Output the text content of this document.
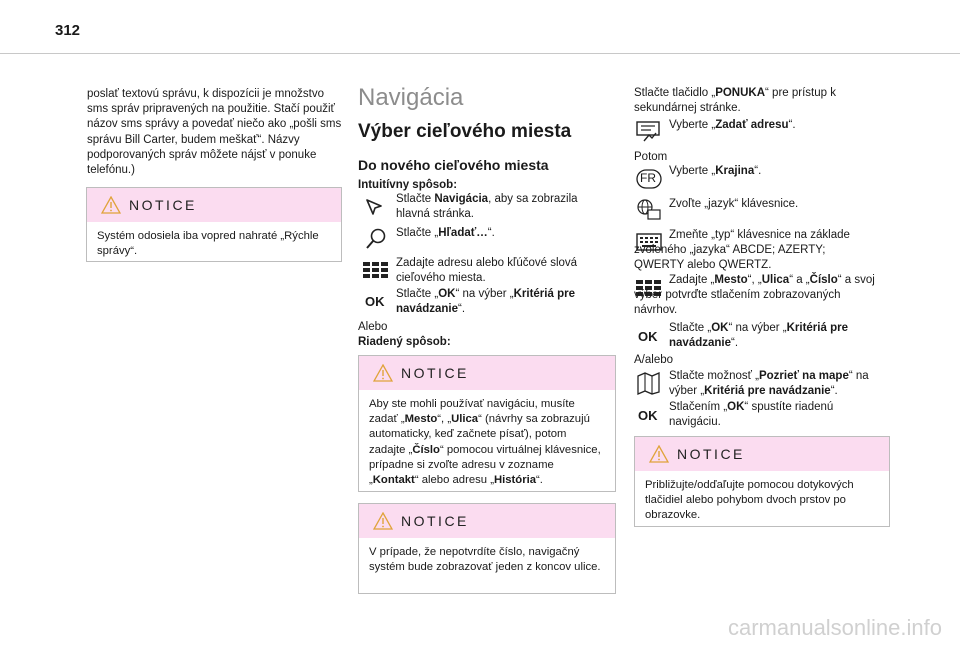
312
poslať textovú správu, k dispozícii je množstvo sms správ pripravených na použitie. Stačí použiť názov sms správy a povedať niečo ako „pošli sms správu Bill Carter, budem meškať“. Názvy podporovaných správ môžete nájsť v ponuke telefónu.)
NOTICE
Systém odosiela iba vopred nahraté „Rýchle správy“.
Navigácia
Výber cieľového miesta
Do nového cieľového miesta
Intuitívny spôsob:
Stlačte Navigácia, aby sa zobrazila hlavná stránka.
Stlačte „Hľadať…“.
Zadajte adresu alebo kľúčové slová cieľového miesta.
OK Stlačte „OK“ na výber „Kritériá pre navádzanie“.
Alebo
Riadený spôsob:
NOTICE
Aby ste mohli používať navigáciu, musíte zadať „Mesto“, „Ulica“ (návrhy sa zobrazujú automaticky, keď začnete písať), potom zadajte „Číslo“ pomocou virtuálnej klávesnice, prípadne si zvoľte adresu v zozname „Kontakt“ alebo adresu „História“.
NOTICE
V prípade, že nepotvrdíte číslo, navigačný systém bude zobrazovať jeden z koncov ulice.
Stlačte tlačidlo „PONUKA“ pre prístup k sekundárnej stránke.
Vyberte „Zadať adresu“.
Potom
FR Vyberte „Krajina“.
Zvoľte „jazyk“ klávesnice.
Zmeňte „typ“ klávesnice na základe zvoleného „jazyka“ ABCDE; AZERTY; QWERTY alebo QWERTZ.
Zadajte „Mesto“, „Ulica“ a „Číslo“ a svoj výber potvrďte stlačením zobrazovaných návrhov.
OK
Stlačte „OK“ na výber „Kritériá pre navádzanie“.
A/alebo
Stlačte možnosť „Pozrieť na mape“ na výber „Kritériá pre navádzanie“.
OK
Stlačením „OK“ spustíte riadenú navigáciu.
NOTICE
Približujte/odďaľujte pomocou dotykových tlačidiel alebo pohybom dvoch prstov po obrazovke.
carmanualsonline.info
